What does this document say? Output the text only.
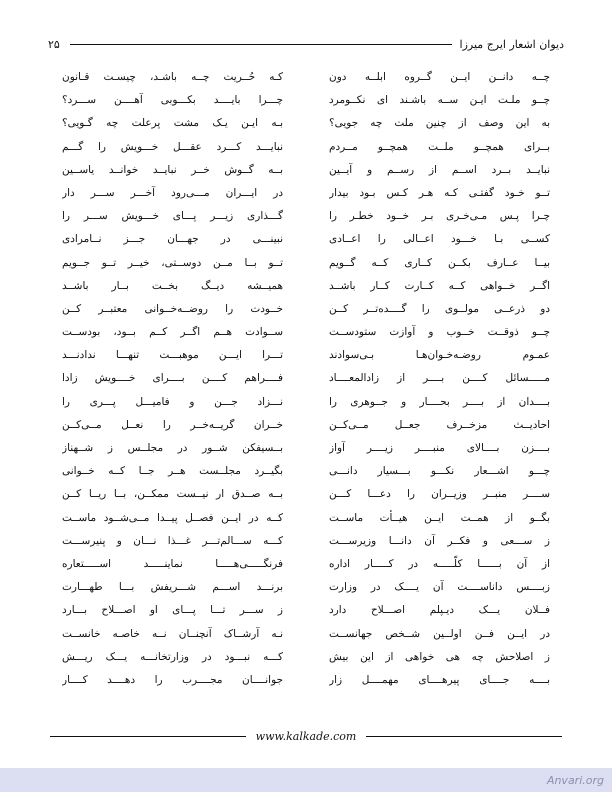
دیوان اشعار ایرج میرزا
۲۵
چــه دانــن ایــن گــروه ابلــه دون
چــو ملـت ایـن ســه باشـند ای نکــومرد
به این وصف از چنین ملت چه جویی؟
بــرای همچــو ملــت همچــو مــردم
نبایــد بــرد اســم از رســم و آیــین
تــو خـود گفتـی کـه هـر کـس بـود بیدار
چـرا پـس مـی‌خـری بـر خــود خطـر را
کســی بـا خـــود اعــالی را اعــادی
بیــا عــارف بکــن کــاری کــه گــویم
اگــر خــواهی کــه کــارت کــار باشــد
دو ذرعــی مولــوی را گــــده‌تــر کــن
چــو ذوقــت خــوب و آوازت ستودســت
عمـوم روضـه‌خـوان‌هـا بـی‌سوادند
مـــــسائل کــــن بــــر از زادالمعــــاد
بــــدان از بــــر بحــــار و جــوهری را
احادیــث مزخــرف جعــل مــی‌کــن
بــــزن بــــالای منبــــر زیــــر آواز
چـــو اشـــعار نکـــو بـــسیار دانـــی
ســــر منبــر وزیــران را دعـــا کـــن
بگــو از همــت ایــن هیــأت ماســت
ز ســـعی و فکــر آن دانـــا وزیرســـت
از آن بــــــا کلّـــــه در کـــــار اداره
زبــــس داناســــت آن یــــک در وزارت
فــلان یـــک دیـپلم اصـــلاح دارد
در ایــن فــن اولــین شــخص جهانســت
ز اصلاحش چه هی خواهی از این بیش
بــــه جــــای پیرهــــای مهمــــل زار
کـه حُــریت چــه باشـد، چیسـت قـانون
چـــرا بایــــد بکـــوبی آهــــن ســـرد؟
بـه ایـن یـک مشت پرعلت چه گـویی؟
نبایـــد کـــرد عقـــل خـــویش را گـــم
بــه گــوش خــر نبایــد خوانــد یاســین
در ایـــران مـــی‌رود آخـــر ســـر دار
گـــذاری زیـــر پـــای خـــویش ســـر را
نبینـــی در جهـــان جـــز نــامرادی
تــو بــا مــن دوســتی، خیــر تــو جــویم
همیــشه دیــگ بخــت بــار باشــد
خــودت را روضــه‌خــوانی معتبــر کــن
ســوادت هــم اگــر کــم بــود، بودســت
تـــرا ایـــن موهبـــت تنهـــا ندادنـــد
فــــراهم کــــن بــــرای خــــویش زادا
نـــزاد جـــن و فامیـــل پـــری را
خــران گریــه‌خــر را نعــل مــی‌کــن
بــسیفکن شــور در مجلــس ز شــهناز
بگیــرد مجلــست هــر جــا کــه خــوانی
بــه صــدق ار نیــست ممکــن، بــا ریــا کــن
کــه در ایــن فصــل پیــدا مــی‌شــود ماســت
کـــه ســـالم‌تـــر غـــذا نـــان و پنیرســـت
فرنگـــــی‌هـــــا نماینـــــد اســـــتعاره
برنـــد اســـم شـــریفش بـــا طهـــارت
ز ســـر تـــا پـــای او اصـــلاح بـــارد
نـه آرشــاک آنچنــان نــه خاصـه خانســت
کـــه نبـــود در وزارتخانـــه یـــک ریـــش
جوانــــان مجــــرب را دهــــد کــــار
www.kalkade.com
Anvari.org
